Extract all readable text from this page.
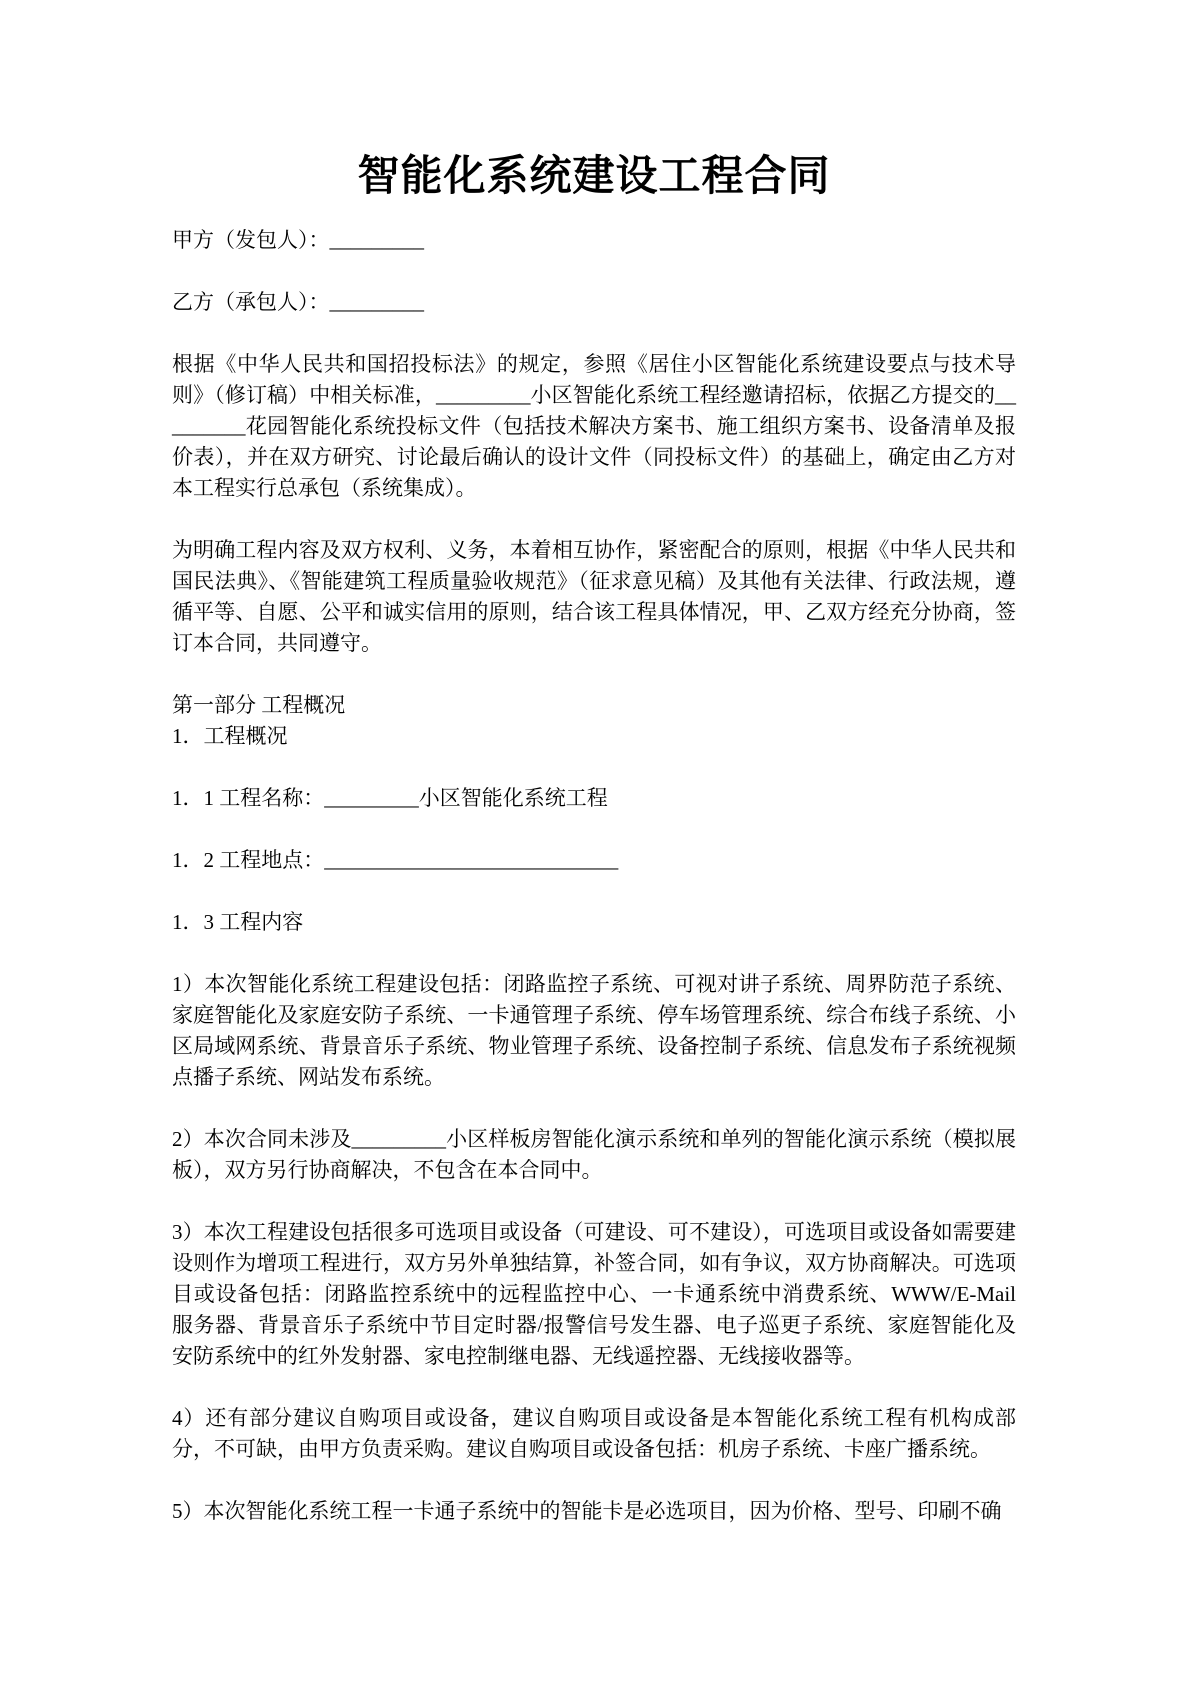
智能化系统建设工程合同

甲方（发包人）：_________

乙方（承包人）：_________

根据《中华人民共和国招投标法》的规定，参照《居住小区智能化系统建设要点与技术导则》（修订稿）中相关标准，_________小区智能化系统工程经邀请招标，依据乙方提交的_________花园智能化系统投标文件（包括技术解决方案书、施工组织方案书、设备清单及报价表），并在双方研究、讨论最后确认的设计文件（同投标文件）的基础上，确定由乙方对本工程实行总承包（系统集成）。

为明确工程内容及双方权利、义务，本着相互协作，紧密配合的原则，根据《中华人民共和国民法典》、《智能建筑工程质量验收规范》（征求意见稿）及其他有关法律、行政法规，遵循平等、自愿、公平和诚实信用的原则，结合该工程具体情况，甲、乙双方经充分协商，签订本合同，共同遵守。

第一部分 工程概况

1．工程概况

1．1 工程名称：_________小区智能化系统工程

1．2 工程地点：____________________________

1．3 工程内容

1）本次智能化系统工程建设包括：闭路监控子系统、可视对讲子系统、周界防范子系统、家庭智能化及家庭安防子系统、一卡通管理子系统、停车场管理系统、综合布线子系统、小区局域网系统、背景音乐子系统、物业管理子系统、设备控制子系统、信息发布子系统视频点播子系统、网站发布系统。

2）本次合同未涉及_________小区样板房智能化演示系统和单列的智能化演示系统（模拟展板），双方另行协商解决，不包含在本合同中。

3）本次工程建设包括很多可选项目或设备（可建设、可不建设），可选项目或设备如需要建设则作为增项工程进行，双方另外单独结算，补签合同，如有争议，双方协商解决。可选项目或设备包括：闭路监控系统中的远程监控中心、一卡通系统中消费系统、WWW/E-Mail 服务器、背景音乐子系统中节目定时器/报警信号发生器、电子巡更子系统、家庭智能化及安防系统中的红外发射器、家电控制继电器、无线遥控器、无线接收器等。

4）还有部分建议自购项目或设备，建议自购项目或设备是本智能化系统工程有机构成部分，不可缺，由甲方负责采购。建议自购项目或设备包括：机房子系统、卡座广播系统。

5）本次智能化系统工程一卡通子系统中的智能卡是必选项目，因为价格、型号、印刷不确
